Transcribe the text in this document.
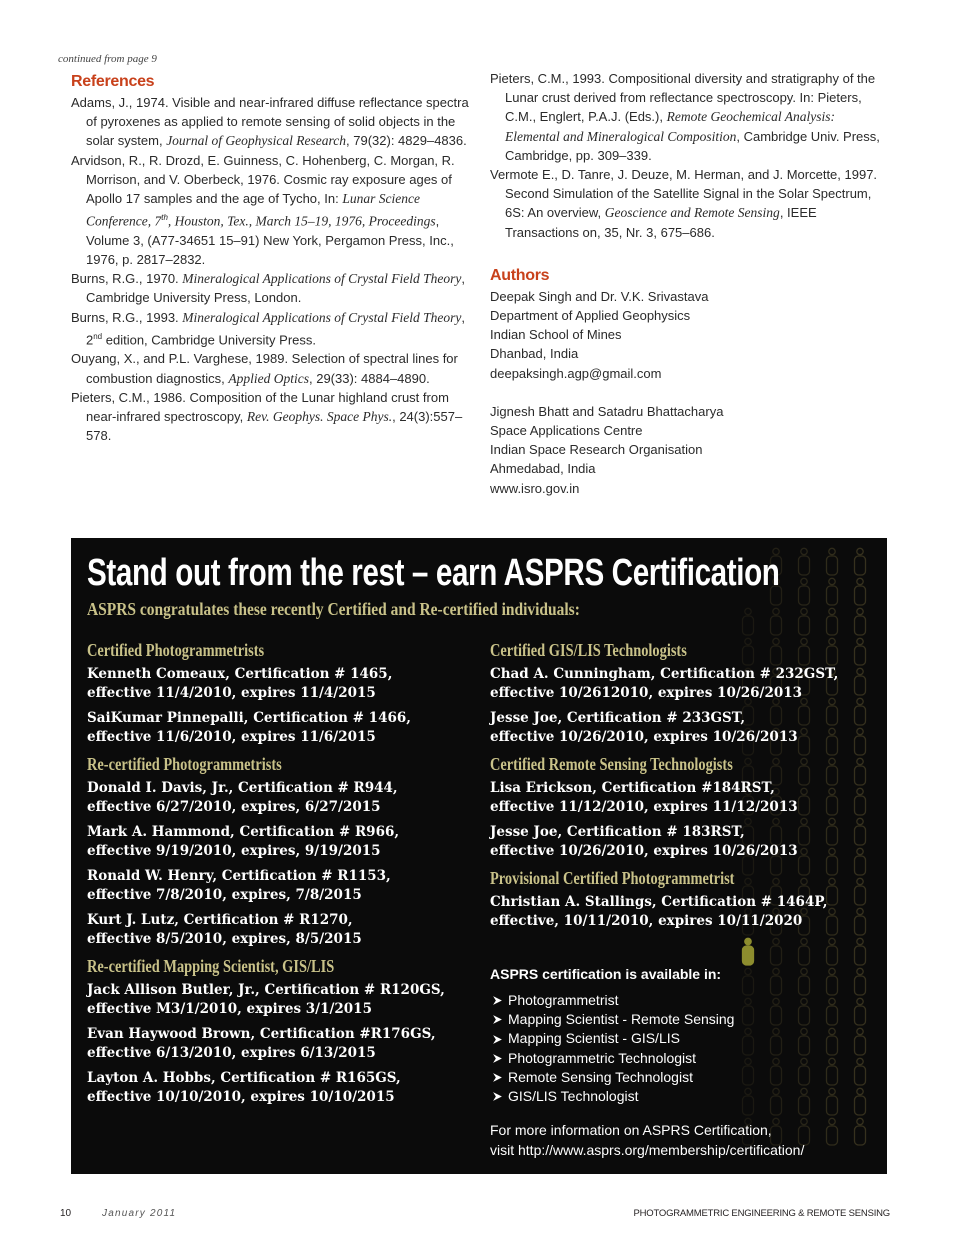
continued from page 9
References
Adams, J., 1974. Visible and near-infrared diffuse reflectance spectra of pyroxenes as applied to remote sensing of solid objects in the solar system, Journal of Geophysical Research, 79(32): 4829–4836.
Arvidson, R., R. Drozd, E. Guinness, C. Hohenberg, C. Morgan, R. Morrison, and V. Oberbeck, 1976. Cosmic ray exposure ages of Apollo 17 samples and the age of Tycho, In: Lunar Science Conference, 7th, Houston, Tex., March 15–19, 1976, Proceedings, Volume 3, (A77-34651 15–91) New York, Pergamon Press, Inc., 1976, p. 2817–2832.
Burns, R.G., 1970. Mineralogical Applications of Crystal Field Theory, Cambridge University Press, London.
Burns, R.G., 1993. Mineralogical Applications of Crystal Field Theory, 2nd edition, Cambridge University Press.
Ouyang, X., and P.L. Varghese, 1989. Selection of spectral lines for combustion diagnostics, Applied Optics, 29(33): 4884–4890.
Pieters, C.M., 1986. Composition of the Lunar highland crust from near-infrared spectroscopy, Rev. Geophys. Space Phys., 24(3):557–578.
Pieters, C.M., 1993. Compositional diversity and stratigraphy of the Lunar crust derived from reflectance spectroscopy. In: Pieters, C.M., Englert, P.A.J. (Eds.), Remote Geochemical Analysis: Elemental and Mineralogical Composition, Cambridge Univ. Press, Cambridge, pp. 309–339.
Vermote E., D. Tanre, J. Deuze, M. Herman, and J. Morcette, 1997. Second Simulation of the Satellite Signal in the Solar Spectrum, 6S: An overview, Geoscience and Remote Sensing, IEEE Transactions on, 35, Nr. 3, 675–686.
Authors
Deepak Singh and Dr. V.K. Srivastava
Department of Applied Geophysics
Indian School of Mines
Dhanbad, India
deepaksingh.agp@gmail.com
Jignesh Bhatt and Satadru Bhattacharya
Space Applications Centre
Indian Space Research Organisation
Ahmedabad, India
www.isro.gov.in
Stand out from the rest – earn ASPRS Certification
ASPRS congratulates these recently Certified and Re-certified individuals:
Certified Photogrammetrists
Kenneth Comeaux, Certification # 1465,
effective 11/4/2010, expires 11/4/2015
SaiKumar Pinnepalli, Certification # 1466,
effective 11/6/2010, expires 11/6/2015
Re-certified Photogrammetrists
Donald I. Davis, Jr., Certification # R944,
effective 6/27/2010, expires, 6/27/2015
Mark A. Hammond, Certification # R966,
effective 9/19/2010, expires, 9/19/2015
Ronald W. Henry, Certification # R1153,
effective 7/8/2010, expires, 7/8/2015
Kurt J. Lutz, Certification # R1270,
effective 8/5/2010, expires, 8/5/2015
Re-certified Mapping Scientist, GIS/LIS
Jack Allison Butler, Jr., Certification # R120GS,
effective M3/1/2010, expires 3/1/2015
Evan Haywood Brown, Certification #R176GS,
effective 6/13/2010, expires 6/13/2015
Layton A. Hobbs, Certification # R165GS,
effective 10/10/2010, expires 10/10/2015
Certified GIS/LIS Technologists
Chad A. Cunningham, Certification # 232GST,
effective 10/2612010, expires 10/26/2013
Jesse Joe, Certification # 233GST,
effective 10/26/2010, expires 10/26/2013
Certified Remote Sensing Technologists
Lisa Erickson, Certification #184RST,
effective 11/12/2010, expires 11/12/2013
Jesse Joe, Certification # 183RST,
effective 10/26/2010, expires 10/26/2013
Provisional Certified Photogrammetrist
Christian A. Stallings, Certification # 1464P,
effective, 10/11/2010, expires 10/11/2020
ASPRS certification is available in:
Photogrammetrist
Mapping Scientist - Remote Sensing
Mapping Scientist - GIS/LIS
Photogrammetric Technologist
Remote Sensing Technologist
GIS/LIS Technologist
For more information on ASPRS Certification,
visit http://www.asprs.org/membership/certification/
10	January 2011	PHOTOGRAMMETRIC ENGINEERING & REMOTE SENSING
